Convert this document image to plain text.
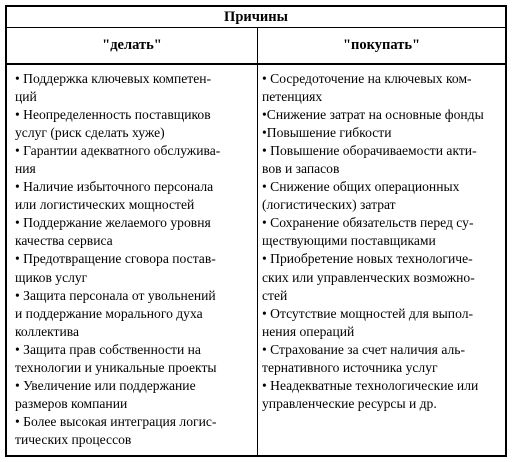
Причины
"делать"	"покупать"

• Поддержка ключевых компетен-

ций

• Неопределенность поставщиков

услуг (риск сделать хуже)

• Гарантии адекватного обслужива-

ния

• Наличие избыточного персонала

или логистических мощностей

• Поддержание желаемого уровня

качества сервиса

• Предотвращение сговора постав-

щиков услуг

• Защита персонала от увольнений

и поддержание морального духа

коллектива

• Защита прав собственности на

технологии и уникальные проекты

• Увеличение или поддержание

размеров компании

• Более высокая интеграция логис-

тических процессов

• Сосредоточение на ключевых ком-

петенциях

•Снижение затрат на основные фонды

•Повышение гибкости

• Повышение оборачиваемости акти-

вов и запасов

• Снижение общих операционных

(логистических) затрат

• Сохранение обязательств перед су-

ществующими поставщиками

• Приобретение новых технологиче-

ских или управленческих возможно-

стей

• Отсутствие мощностей для выпол-

нения операций

• Страхование за счет наличия аль-

тернативного источника услуг

• Неадекватные технологические или

управленческие ресурсы и др.
